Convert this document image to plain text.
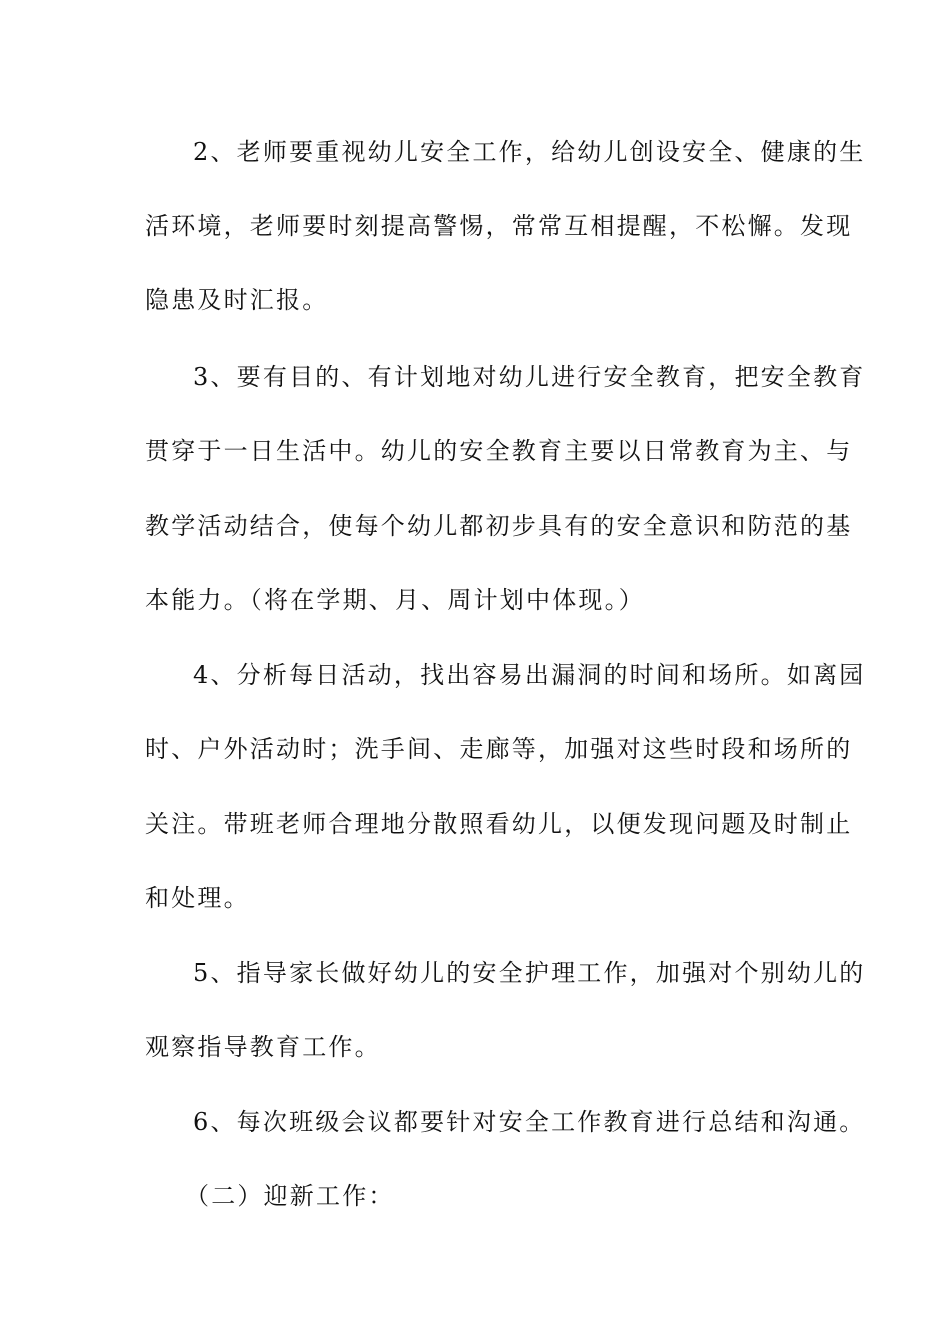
2、老师要重视幼儿安全工作，给幼儿创设安全、健康的生
活环境，老师要时刻提高警惕，常常互相提醒，不松懈。发现
隐患及时汇报。
3、要有目的、有计划地对幼儿进行安全教育，把安全教育
贯穿于一日生活中。幼儿的安全教育主要以日常教育为主、与
教学活动结合，使每个幼儿都初步具有的安全意识和防范的基
本能力。（将在学期、月、周计划中体现。）
4、分析每日活动，找出容易出漏洞的时间和场所。如离园
时、户外活动时；洗手间、走廊等，加强对这些时段和场所的
关注。带班老师合理地分散照看幼儿，以便发现问题及时制止
和处理。
5、指导家长做好幼儿的安全护理工作，加强对个别幼儿的
观察指导教育工作。
6、每次班级会议都要针对安全工作教育进行总结和沟通。
（二）迎新工作：
